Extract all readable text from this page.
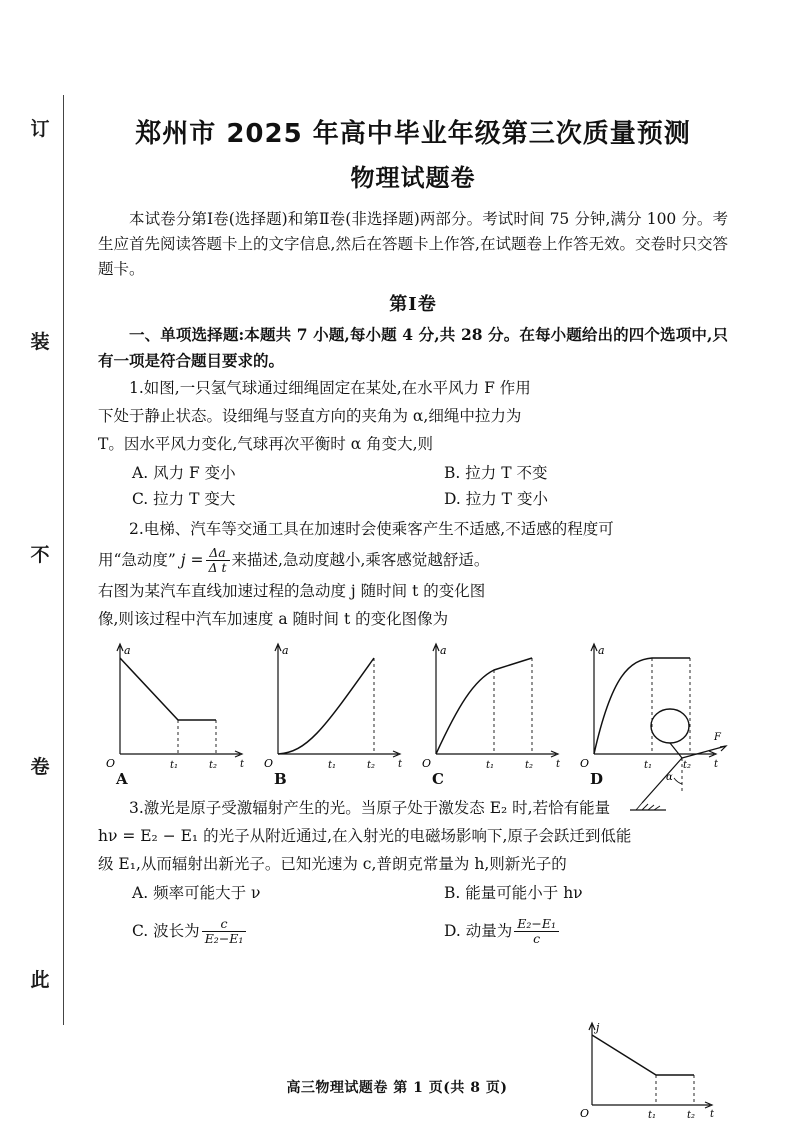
订
装
不
卷
此
郑州市 2025 年高中毕业年级第三次质量预测
物理试题卷

本试卷分第Ⅰ卷(选择题)和第Ⅱ卷(非选择题)两部分。考试时间 75 分钟,满分 100 分。考生应首先阅读答题卡上的文字信息,然后在答题卡上作答,在试题卷上作答无效。交卷时只交答题卡。

第Ⅰ卷

一、单项选择题:本题共 7 小题,每小题 4 分,共 28 分。在每小题给出的四个选项中,只有一项是符合题目要求的。

1.如图,一只氢气球通过细绳固定在某处,在水平风力 F 作用

下处于静止状态。设细绳与竖直方向的夹角为 α,细绳中拉力为

T。因水平风力变化,气球再次平衡时 α 角变大,则

α
F
A. 风力 F 变小	B. 拉力 T 不变
C. 拉力 T 变大	D. 拉力 T 变小

2.电梯、汽车等交通工具在加速时会使乘客产生不适感,不适感的程度可

用“急动度” $j = \frac{\Delta a}{\text{Δ t}}$ 来描述,急动度越小,乘客感觉越舒适。

右图为某汽车直线加速过程的急动度 j 随时间 t 的变化图

像,则该过程中汽车加速度 a 随时间 t 的变化图像为

j
O	t₁	t₂ t
a
O	t₁	t₂ t
A
a
O	t₁	t₂ t
B
a
O	t₁	t₂ t
C
a
O	t₁	t₂ t
D

3.激光是原子受激辐射产生的光。当原子处于激发态 E₂ 时,若恰有能量

hν = E₂ − E₁ 的光子从附近通过,在入射光的电磁场影响下,原子会跃迁到低能

级 E₁,从而辐射出新光子。已知光速为 c,普朗克常量为 h,则新光子的

A. 频率可能大于 ν	B. 能量可能小于 hν
C. 波长为 $\frac{c}{\text{E₂−E₁}}$	D. 动量为 $\frac{\text{E₂−E₁}}{c}$
高三物理试题卷 第 1 页(共 8 页)
